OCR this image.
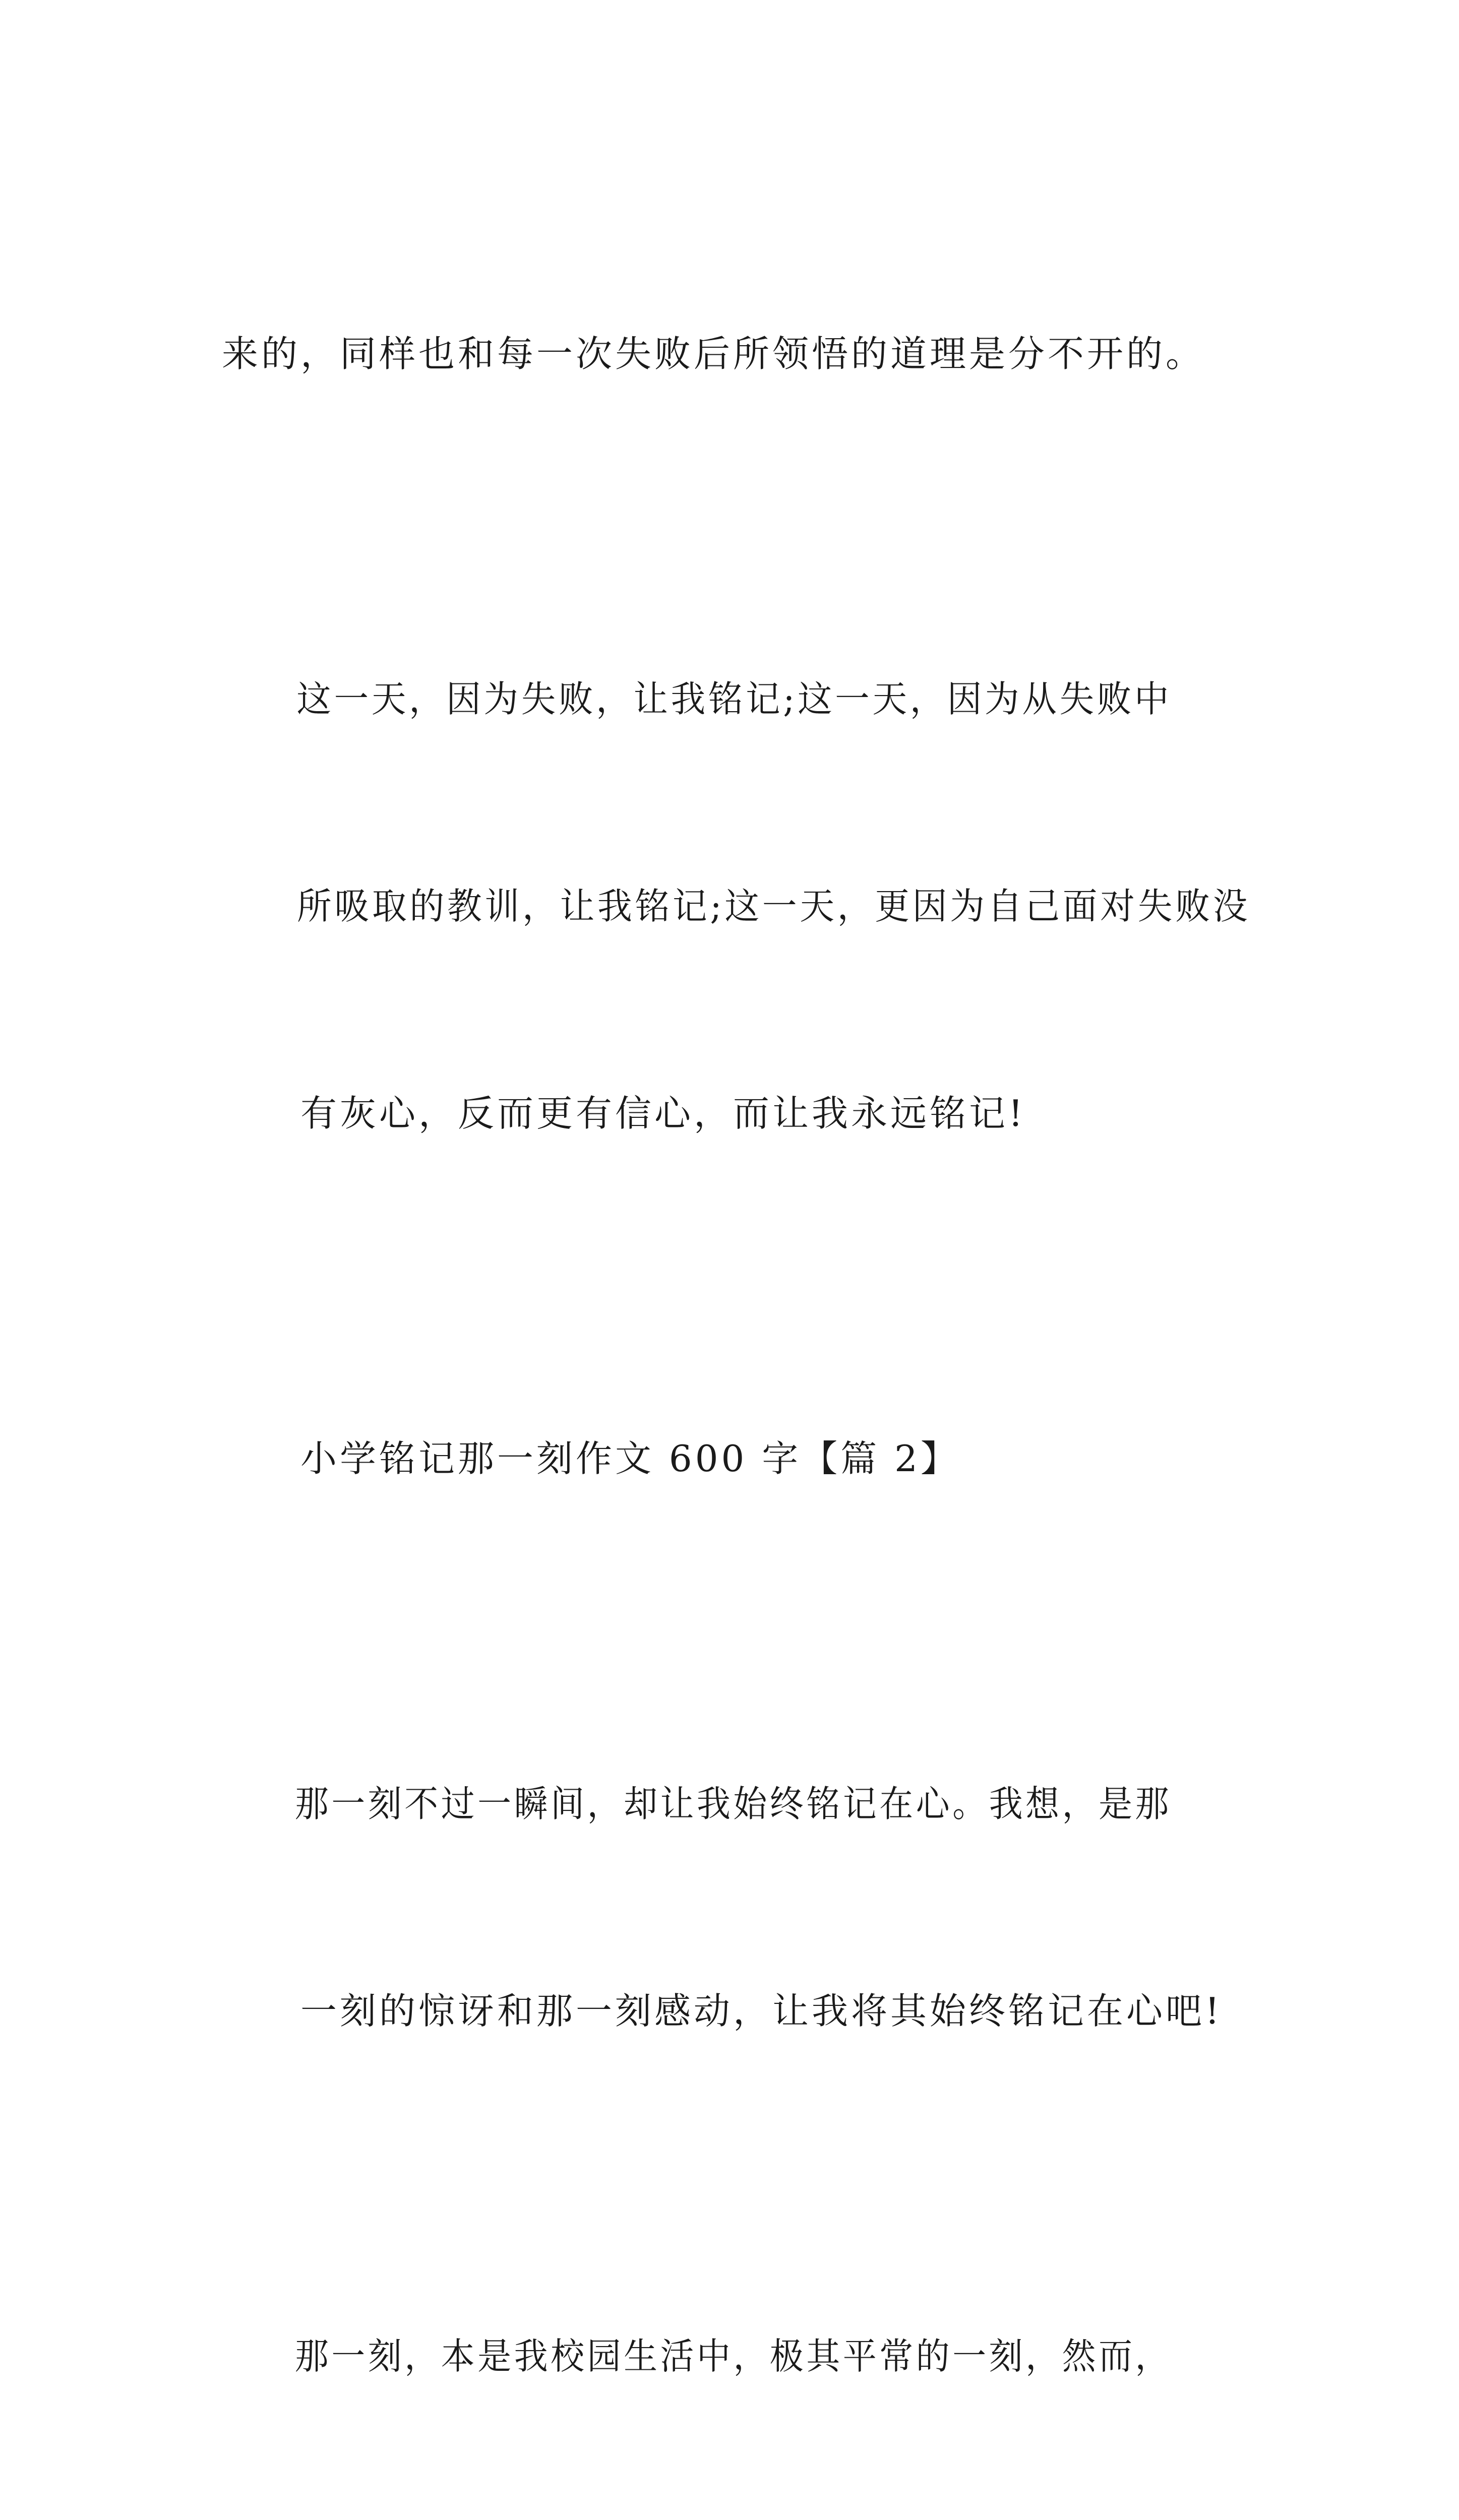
来的，同样也和每一次失败后所领悟的道理是分不开的。

这一天，因为失败，让我铭记;这一天，因为从失败中

所吸取的教训，让我铭记;这一天，更因为自己面对失败没

有灰心，反而更有信心，而让我永远铭记!

小学铭记那一刻作文 600 字【篇 2】

那一刻不过一瞬间，却让我始终铭记在心。我想，是那

一刻的惊讶和那一刻感动，让我将其始终铭记在心吧!

那一刻，本是我校园生活中，极其平常的一刻，然而，
